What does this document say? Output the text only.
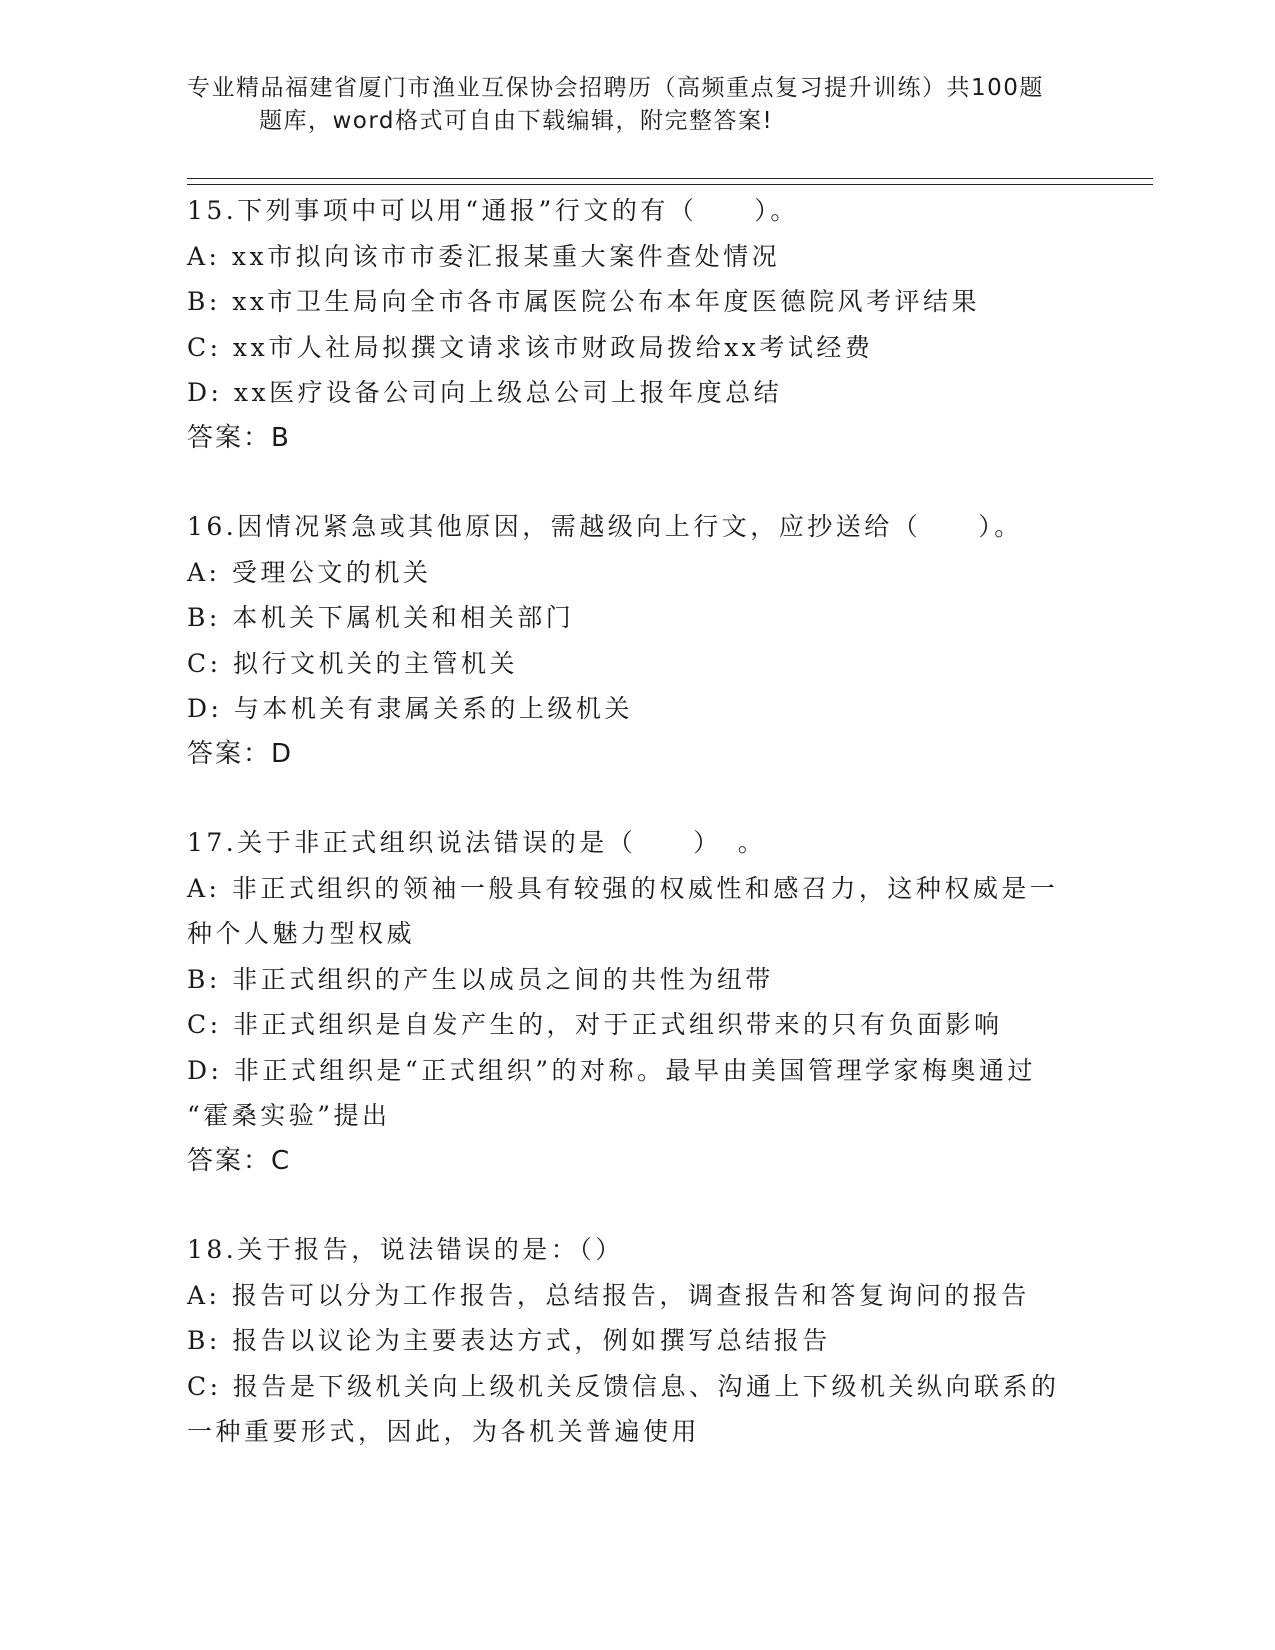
专业精品福建省厦门市渔业互保协会招聘历（高频重点复习提升训练）共100题
题库，word格式可自由下载编辑，附完整答案!
15.下列事项中可以用“通报”行文的有（　　）。
A: xx市拟向该市市委汇报某重大案件查处情况
B: xx市卫生局向全市各市属医院公布本年度医德院风考评结果
C: xx市人社局拟撰文请求该市财政局拨给xx考试经费
D: xx医疗设备公司向上级总公司上报年度总结
答案：B
16.因情况紧急或其他原因，需越级向上行文，应抄送给（　　）。
A: 受理公文的机关
B: 本机关下属机关和相关部门
C: 拟行文机关的主管机关
D: 与本机关有隶属关系的上级机关
答案：D
17.关于非正式组织说法错误的是（　　）　。
A: 非正式组织的领袖一般具有较强的权威性和感召力，这种权威是一
种个人魅力型权威
B: 非正式组织的产生以成员之间的共性为纽带
C: 非正式组织是自发产生的，对于正式组织带来的只有负面影响
D: 非正式组织是“正式组织”的对称。最早由美国管理学家梅奥通过
“霍桑实验”提出
答案：C
18.关于报告，说法错误的是：（）
A: 报告可以分为工作报告，总结报告，调查报告和答复询问的报告
B: 报告以议论为主要表达方式，例如撰写总结报告
C: 报告是下级机关向上级机关反馈信息、沟通上下级机关纵向联系的
一种重要形式，因此，为各机关普遍使用
